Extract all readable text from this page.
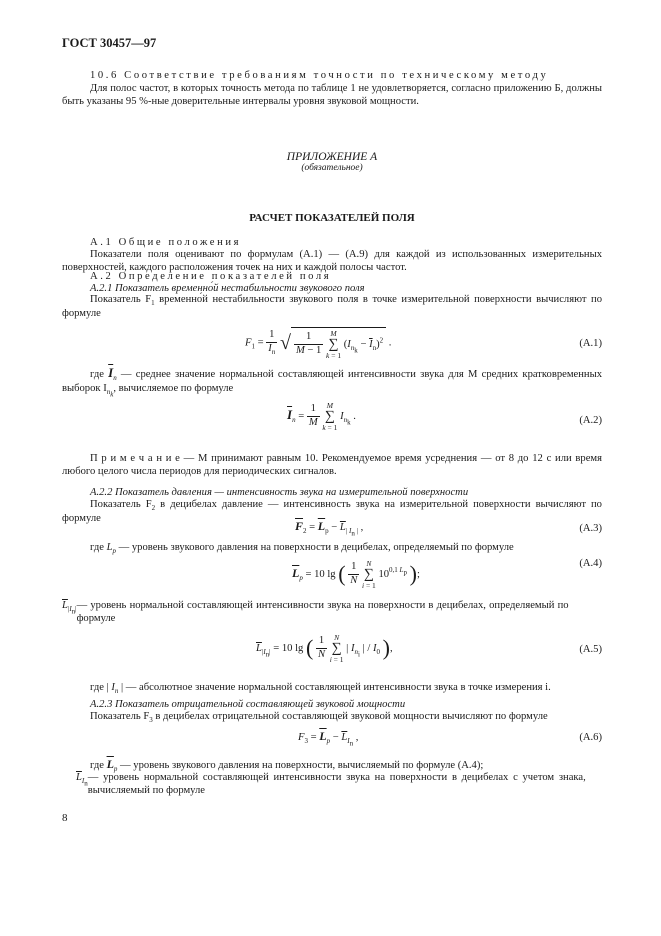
ГОСТ 30457—97
10.6 Соответствие требованиям точности по техническому методу
Для полос частот, в которых точность метода по таблице 1 не удовлетворяется, согласно приложению Б, должны быть указаны 95 %-ные доверительные интервалы уровня звуковой мощности.
ПРИЛОЖЕНИЕ А
(обязательное)
РАСЧЕТ ПОКАЗАТЕЛЕЙ ПОЛЯ
А.1 Общие положения
Показатели поля оценивают по формулам (А.1) — (А.9) для каждой из использованных измерительных поверхностей, каждого расположения точек на них и каждой полосы частот.
А.2 Определение показателей поля
А.2.1 Показатель временно́й нестабильности звукового поля
Показатель $F_1$ временно́й нестабильности звукового поля в точке измерительной поверхности вычисляют по формуле
$F_1 = \frac{1}{I_n}$ √ $\frac{1}{M - 1}$ M
∑
k = 1 $(I_{n_k} - \overline{I}_n)^2$ .	(А.1)
где $\overline{I}_n$ — среднее значение нормальной составляющей интенсивности звука для M средних кратковременных выборок $I_{n_k}$, вычисляемое по формуле
$\overline{I}_n = \frac{1}{M}$ M
∑
k = 1 $I_{n_k}$ .	(А.2)
П р и м е ч а н и е — M принимают равным 10. Рекомендуемое время усреднения — от 8 до 12 с или время любого целого числа периодов для периодических сигналов.
А.2.2 Показатель давления — интенсивность звука на измерительной поверхности
Показатель $F_2$ в децибелах давление — интенсивность звука на измерительной поверхности вычисляют по формуле
$\overline{F}_2 = \overline{L}_p - \overline{L}_{| I_n |}$ ,	(А.3)
где $L_p$ — уровень звукового давления на поверхности в децибелах, определяемый по формуле
$\overline{L}_p = 10$ lg ( $\frac{1}{N}$ N
∑
i = 1 $10^{0,1 L_p}$ );
(А.4)
$\overline{L}_{|I_n|}—$ уровень нормальной составляющей интенсивности звука на поверхности в децибелах, определяемый по формуле
$\overline{L}_{|I_n|} = 10$ lg ( $\frac{1}{N}$ N
∑
i = 1 | $I_{n_i}$ | / $I_0$ ),	(А.5)
где | $I_n$ | — абсолютное значение нормальной составляющей интенсивности звука в точке измерения i.
А.2.3 Показатель отрицательной составляющей звуковой мощности
Показатель $F_3$ в децибелах отрицательной составляющей звуковой мощности вычисляют по формуле
$F_3 = \overline{L}_p - \overline{L}_{I_n}$ ,	(А.6)
где $\overline{L}_p$ — уровень звукового давления на поверхности, вычисляемый по формуле (А.4);
$\overline{L}_{I_n}—$ уровень нормальной составляющей интенсивности звука на поверхности в децибелах с учетом знака, вычисляемый по формуле
8
